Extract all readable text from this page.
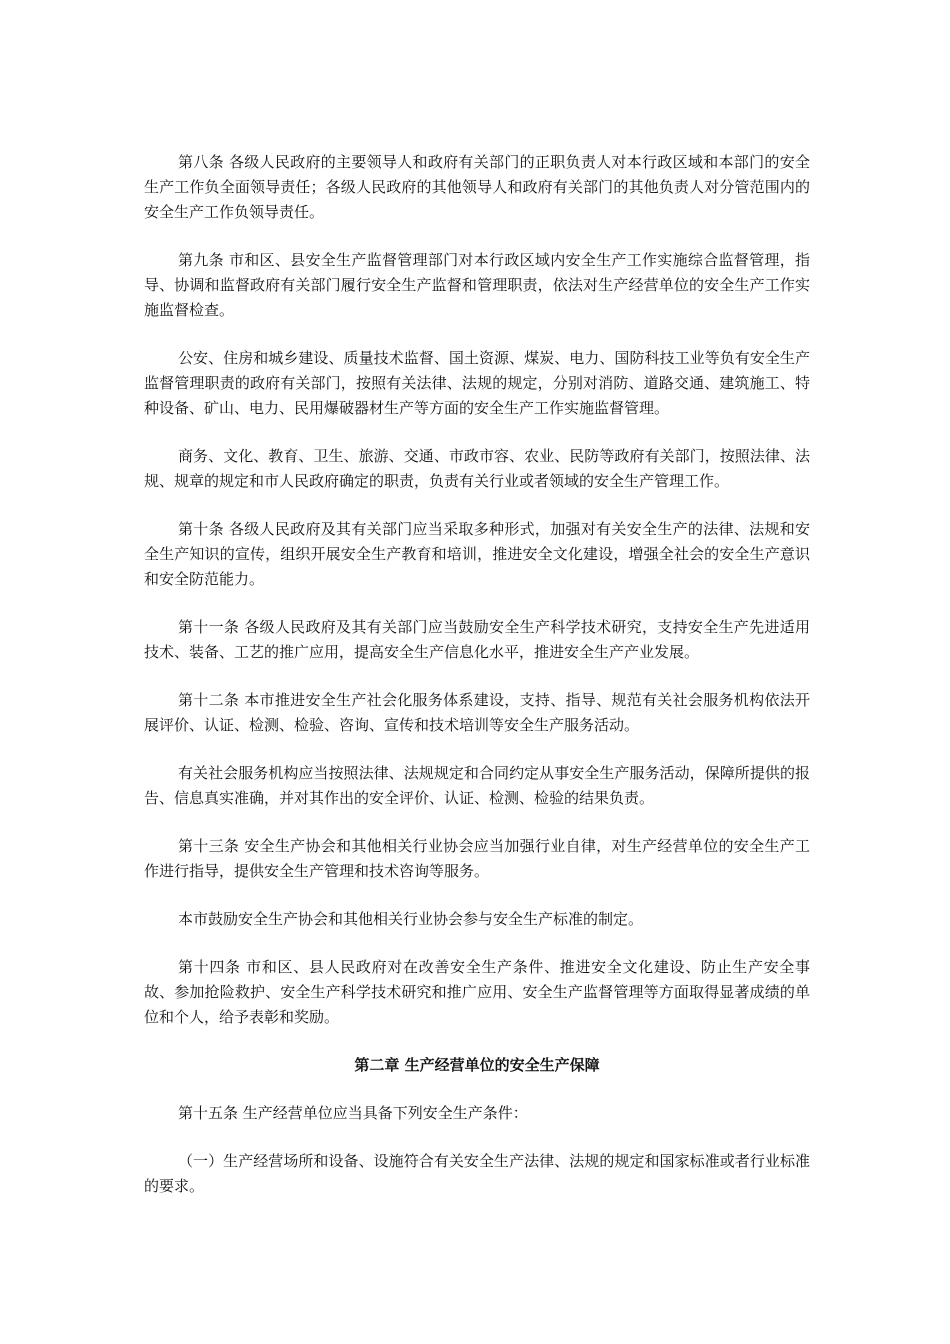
第八条 各级人民政府的主要领导人和政府有关部门的正职负责人对本行政区域和本部门的安全生产工作负全面领导责任；各级人民政府的其他领导人和政府有关部门的其他负责人对分管范围内的安全生产工作负领导责任。

第九条 市和区、县安全生产监督管理部门对本行政区域内安全生产工作实施综合监督管理，指导、协调和监督政府有关部门履行安全生产监督和管理职责，依法对生产经营单位的安全生产工作实施监督检查。

公安、住房和城乡建设、质量技术监督、国土资源、煤炭、电力、国防科技工业等负有安全生产监督管理职责的政府有关部门，按照有关法律、法规的规定，分别对消防、道路交通、建筑施工、特种设备、矿山、电力、民用爆破器材生产等方面的安全生产工作实施监督管理。

商务、文化、教育、卫生、旅游、交通、市政市容、农业、民防等政府有关部门，按照法律、法规、规章的规定和市人民政府确定的职责，负责有关行业或者领域的安全生产管理工作。

第十条 各级人民政府及其有关部门应当采取多种形式，加强对有关安全生产的法律、法规和安全生产知识的宣传，组织开展安全生产教育和培训，推进安全文化建设，增强全社会的安全生产意识和安全防范能力。

第十一条 各级人民政府及其有关部门应当鼓励安全生产科学技术研究，支持安全生产先进适用技术、装备、工艺的推广应用，提高安全生产信息化水平，推进安全生产产业发展。

第十二条 本市推进安全生产社会化服务体系建设，支持、指导、规范有关社会服务机构依法开展评价、认证、检测、检验、咨询、宣传和技术培训等安全生产服务活动。

有关社会服务机构应当按照法律、法规规定和合同约定从事安全生产服务活动，保障所提供的报告、信息真实准确，并对其作出的安全评价、认证、检测、检验的结果负责。

第十三条 安全生产协会和其他相关行业协会应当加强行业自律，对生产经营单位的安全生产工作进行指导，提供安全生产管理和技术咨询等服务。

本市鼓励安全生产协会和其他相关行业协会参与安全生产标准的制定。

第十四条 市和区、县人民政府对在改善安全生产条件、推进安全文化建设、防止生产安全事故、参加抢险救护、安全生产科学技术研究和推广应用、安全生产监督管理等方面取得显著成绩的单位和个人，给予表彰和奖励。

第二章 生产经营单位的安全生产保障

第十五条 生产经营单位应当具备下列安全生产条件：

（一）生产经营场所和设备、设施符合有关安全生产法律、法规的规定和国家标准或者行业标准的要求。
